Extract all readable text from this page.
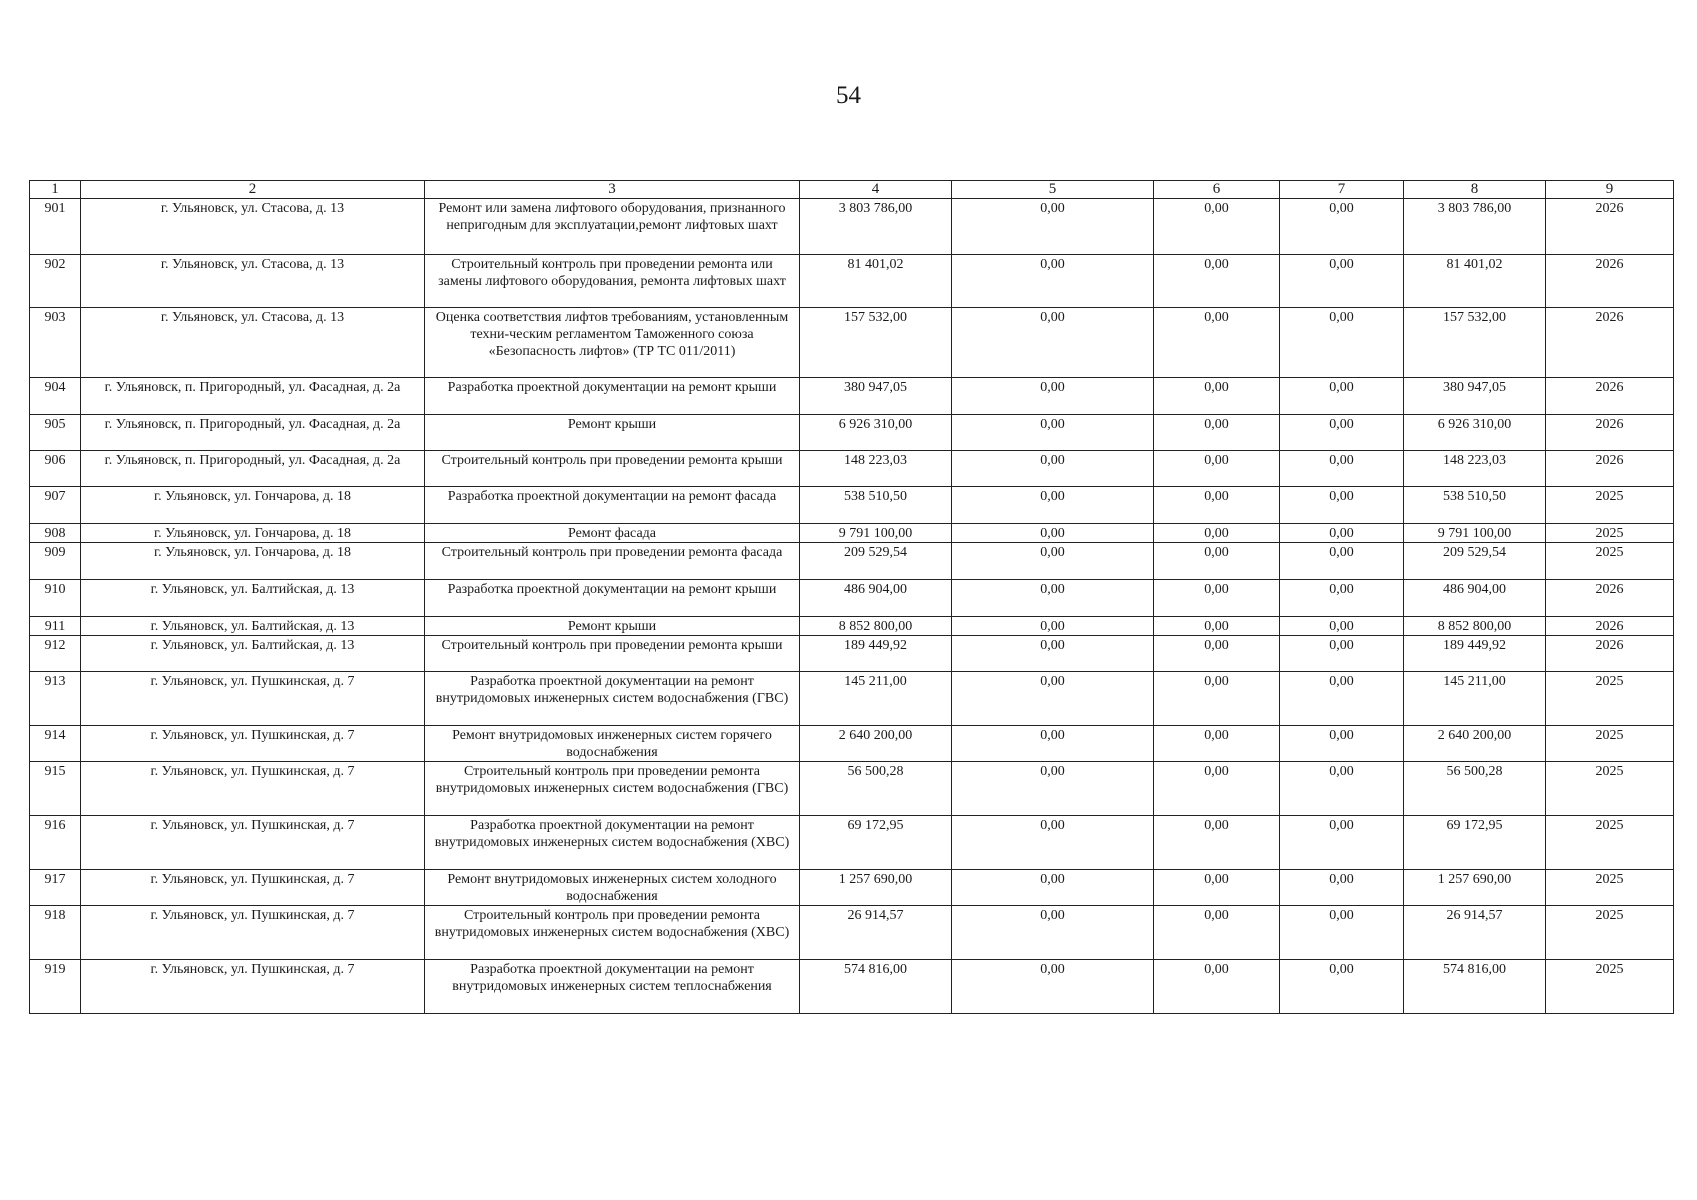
54
1	2	3	4	5	6	7	8	9
901	г. Ульяновск, ул. Стасова, д. 13	Ремонт или замена лифтового оборудования, признанного непригодным для эксплуатации,ремонт лифтовых шахт	3 803 786,00	0,00	0,00	0,00	3 803 786,00	2026
902	г. Ульяновск, ул. Стасова, д. 13	Строительный контроль при проведении ремонта или замены лифтового оборудования, ремонта лифтовых шахт	81 401,02	0,00	0,00	0,00	81 401,02	2026
903	г. Ульяновск, ул. Стасова, д. 13	Оценка соответствия лифтов требованиям, установленным техни-ческим регламентом Таможенного союза «Безопасность лифтов» (ТР ТС 011/2011)	157 532,00	0,00	0,00	0,00	157 532,00	2026
904	г. Ульяновск, п. Пригородный, ул. Фасадная, д. 2а	Разработка проектной документации на ремонт крыши	380 947,05	0,00	0,00	0,00	380 947,05	2026
905	г. Ульяновск, п. Пригородный, ул. Фасадная, д. 2а	Ремонт крыши	6 926 310,00	0,00	0,00	0,00	6 926 310,00	2026
906	г. Ульяновск, п. Пригородный, ул. Фасадная, д. 2а	Строительный контроль при проведении ремонта крыши	148 223,03	0,00	0,00	0,00	148 223,03	2026
907	г. Ульяновск, ул. Гончарова, д. 18	Разработка проектной документации на ремонт фасада	538 510,50	0,00	0,00	0,00	538 510,50	2025
908	г. Ульяновск, ул. Гончарова, д. 18	Ремонт фасада	9 791 100,00	0,00	0,00	0,00	9 791 100,00	2025
909	г. Ульяновск, ул. Гончарова, д. 18	Строительный контроль при проведении ремонта фасада	209 529,54	0,00	0,00	0,00	209 529,54	2025
910	г. Ульяновск, ул. Балтийская, д. 13	Разработка проектной документации на ремонт крыши	486 904,00	0,00	0,00	0,00	486 904,00	2026
911	г. Ульяновск, ул. Балтийская, д. 13	Ремонт крыши	8 852 800,00	0,00	0,00	0,00	8 852 800,00	2026
912	г. Ульяновск, ул. Балтийская, д. 13	Строительный контроль при проведении ремонта крыши	189 449,92	0,00	0,00	0,00	189 449,92	2026
913	г. Ульяновск, ул. Пушкинская, д. 7	Разработка проектной документации на ремонт внутридомовых инженерных систем водоснабжения (ГВС)	145 211,00	0,00	0,00	0,00	145 211,00	2025
914	г. Ульяновск, ул. Пушкинская, д. 7	Ремонт внутридомовых инженерных систем горячего водоснабжения	2 640 200,00	0,00	0,00	0,00	2 640 200,00	2025
915	г. Ульяновск, ул. Пушкинская, д. 7	Строительный контроль при проведении ремонта внутридомовых инженерных систем водоснабжения (ГВС)	56 500,28	0,00	0,00	0,00	56 500,28	2025
916	г. Ульяновск, ул. Пушкинская, д. 7	Разработка проектной документации на ремонт внутридомовых инженерных систем водоснабжения (ХВС)	69 172,95	0,00	0,00	0,00	69 172,95	2025
917	г. Ульяновск, ул. Пушкинская, д. 7	Ремонт внутридомовых инженерных систем холодного водоснабжения	1 257 690,00	0,00	0,00	0,00	1 257 690,00	2025
918	г. Ульяновск, ул. Пушкинская, д. 7	Строительный контроль при проведении ремонта внутридомовых инженерных систем водоснабжения (ХВС)	26 914,57	0,00	0,00	0,00	26 914,57	2025
919	г. Ульяновск, ул. Пушкинская, д. 7	Разработка проектной документации на ремонт внутридомовых инженерных систем теплоснабжения	574 816,00	0,00	0,00	0,00	574 816,00	2025
